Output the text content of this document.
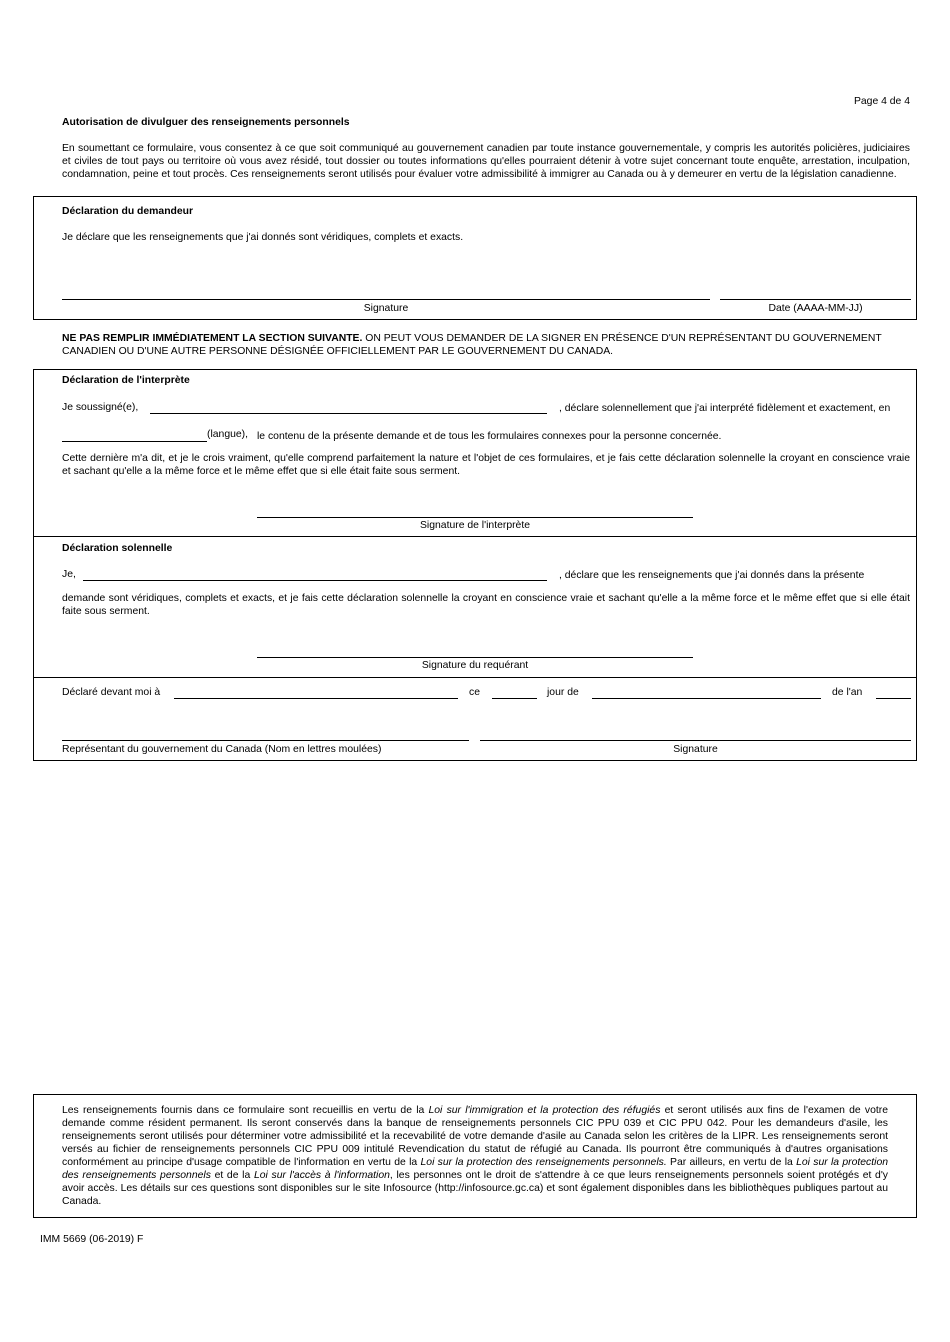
Page 4 de 4
Autorisation de divulguer des renseignements personnels
En soumettant ce formulaire, vous consentez à ce que soit communiqué au gouvernement canadien par toute instance gouvernementale, y compris les autorités policières, judiciaires et civiles de tout pays ou territoire où vous avez résidé, tout dossier ou toutes informations qu'elles pourraient détenir à votre sujet concernant toute enquête, arrestation, inculpation, condamnation, peine et tout procès. Ces renseignements seront utilisés pour évaluer votre admissibilité à immigrer au Canada ou à y demeurer en vertu de la législation canadienne.
Déclaration du demandeur
Je déclare que les renseignements que j'ai donnés sont véridiques, complets et exacts.
Signature	Date (AAAA-MM-JJ)
NE PAS REMPLIR IMMÉDIATEMENT LA SECTION SUIVANTE. ON PEUT VOUS DEMANDER DE LA SIGNER EN PRÉSENCE D'UN REPRÉSENTANT DU GOUVERNEMENT CANADIEN OU D'UNE AUTRE PERSONNE DÉSIGNÉE OFFICIELLEMENT PAR LE GOUVERNEMENT DU CANADA.
Déclaration de l'interprète
Je soussigné(e),	, déclare solennellement que j'ai interprété fidèlement et exactement, en
(langue), le contenu de la présente demande et de tous les formulaires connexes pour la personne concernée.
Cette dernière m'a dit, et je le crois vraiment, qu'elle comprend parfaitement la nature et l'objet de ces formulaires, et je fais cette déclaration solennelle la croyant en conscience vraie et sachant qu'elle a la même force et le même effet que si elle était faite sous serment.
Signature de l'interprète
Déclaration solennelle
Je,	, déclare que les renseignements que j'ai donnés dans la présente
demande sont véridiques, complets et exacts, et je fais cette déclaration solennelle la croyant en conscience vraie et sachant qu'elle a la même force et le même effet que si elle était faite sous serment.
Signature du requérant
Déclaré devant moi à	ce	jour de	de l'an
Représentant du gouvernement du Canada (Nom en lettres moulées)	Signature
Les renseignements fournis dans ce formulaire sont recueillis en vertu de la Loi sur l'immigration et la protection des réfugiés et seront utilisés aux fins de l'examen de votre demande comme résident permanent. Ils seront conservés dans la banque de renseignements personnels CIC PPU 039 et CIC PPU 042. Pour les demandeurs d'asile, les renseignements seront utilisés pour déterminer votre admissibilité et la recevabilité de votre demande d'asile au Canada selon les critères de la LIPR. Les renseignements seront versés au fichier de renseignements personnels CIC PPU 009 intitulé Revendication du statut de réfugié au Canada. Ils pourront être communiqués à d'autres organisations conformément au principe d'usage compatible de l'information en vertu de la Loi sur la protection des renseignements personnels. Par ailleurs, en vertu de la Loi sur la protection des renseignements personnels et de la Loi sur l'accès à l'information, les personnes ont le droit de s'attendre à ce que leurs renseignements personnels soient protégés et d'y avoir accès. Les détails sur ces questions sont disponibles sur le site Infosource (http://infosource.gc.ca) et sont également disponibles dans les bibliothèques publiques partout au Canada.
IMM 5669 (06-2019) F
